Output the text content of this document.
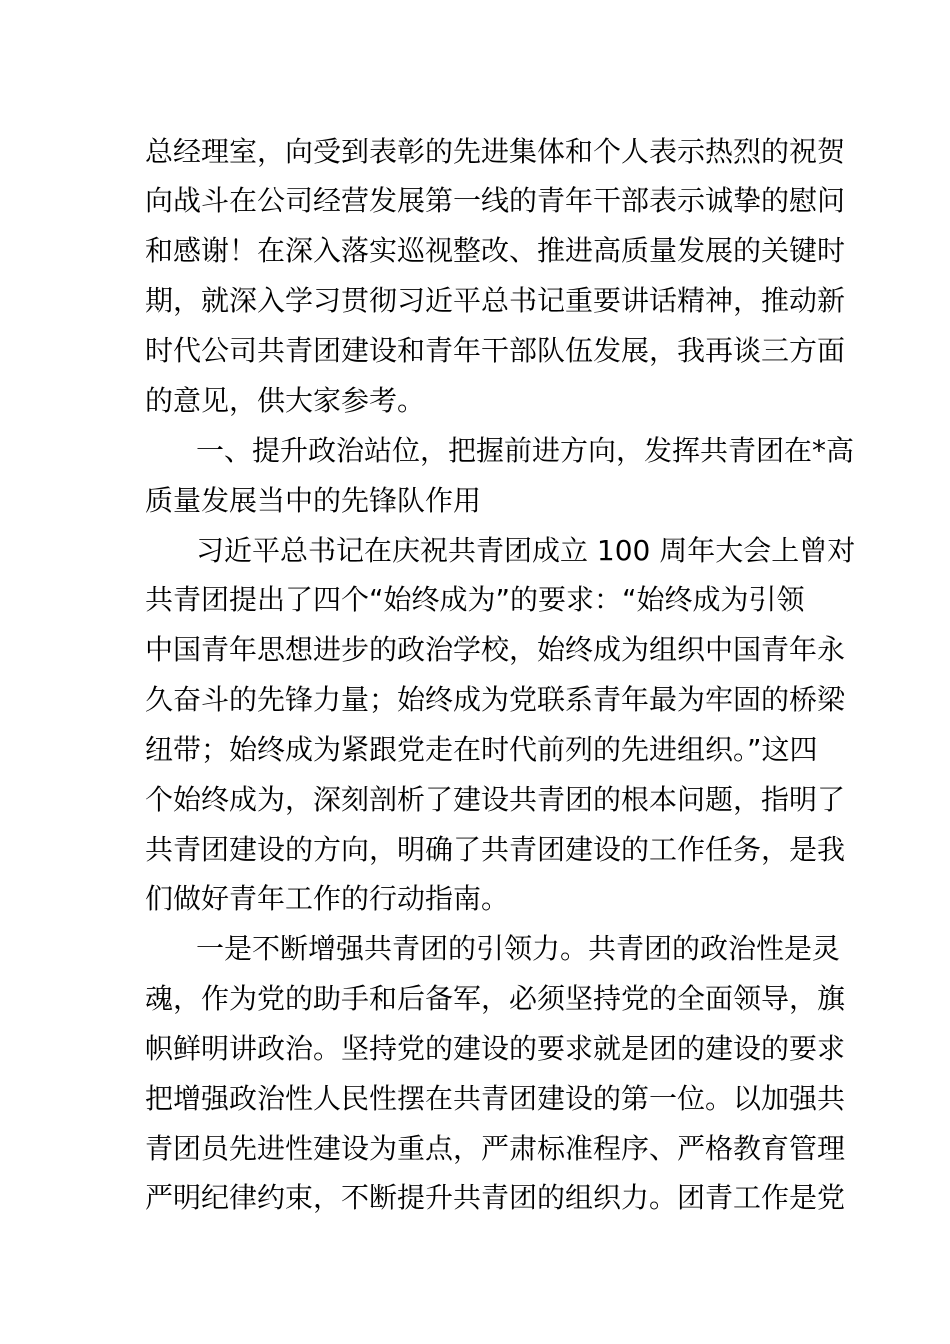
总经理室，向受到表彰的先进集体和个人表示热烈的祝贺
向战斗在公司经营发展第一线的青年干部表示诚挚的慰问
和感谢！在深入落实巡视整改、推进高质量发展的关键时
期，就深入学习贯彻习近平总书记重要讲话精神，推动新
时代公司共青团建设和青年干部队伍发展，我再谈三方面
的意见，供大家参考。
一、提升政治站位，把握前进方向，发挥共青团在*高
质量发展当中的先锋队作用
习近平总书记在庆祝共青团成立 100 周年大会上曾对
共青团提出了四个“始终成为”的要求：“始终成为引领
中国青年思想进步的政治学校，始终成为组织中国青年永
久奋斗的先锋力量；始终成为党联系青年最为牢固的桥梁
纽带；始终成为紧跟党走在时代前列的先进组织。”这四
个始终成为，深刻剖析了建设共青团的根本问题，指明了
共青团建设的方向，明确了共青团建设的工作任务，是我
们做好青年工作的行动指南。
一是不断增强共青团的引领力。共青团的政治性是灵
魂，作为党的助手和后备军，必须坚持党的全面领导，旗
帜鲜明讲政治。坚持党的建设的要求就是团的建设的要求
把增强政治性人民性摆在共青团建设的第一位。以加强共
青团员先进性建设为重点，严肃标准程序、严格教育管理
严明纪律约束，不断提升共青团的组织力。团青工作是党
